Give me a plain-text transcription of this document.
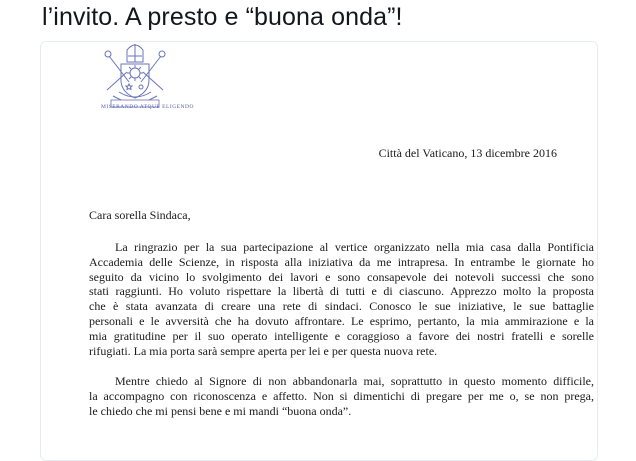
l’invito. A presto e “buona onda”!
MISERANDO ATQUE ELIGENDO
Città del Vaticano, 13 dicembre 2016
Cara sorella Sindaca,
La ringrazio per la sua partecipazione al vertice organizzato nella mia casa dalla Pontificia
Accademia delle Scienze, in risposta alla iniziativa da me intrapresa. In entrambe le giornate ho
seguito da vicino lo svolgimento dei lavori e sono consapevole dei notevoli successi che sono
stati raggiunti. Ho voluto rispettare la libertà di tutti e di ciascuno. Apprezzo molto la proposta
che è stata avanzata di creare una rete di sindaci. Conosco le sue iniziative, le sue battaglie
personali e le avversità che ha dovuto affrontare. Le esprimo, pertanto, la mia ammirazione e la
mia gratitudine per il suo operato intelligente e coraggioso a favore dei nostri fratelli e sorelle
rifugiati. La mia porta sarà sempre aperta per lei e per questa nuova rete.
Mentre chiedo al Signore di non abbandonarla mai, soprattutto in questo momento difficile,
la accompagno con riconoscenza e affetto. Non si dimentichi di pregare per me o, se non prega,
le chiedo che mi pensi bene e mi mandi “buona onda”.
